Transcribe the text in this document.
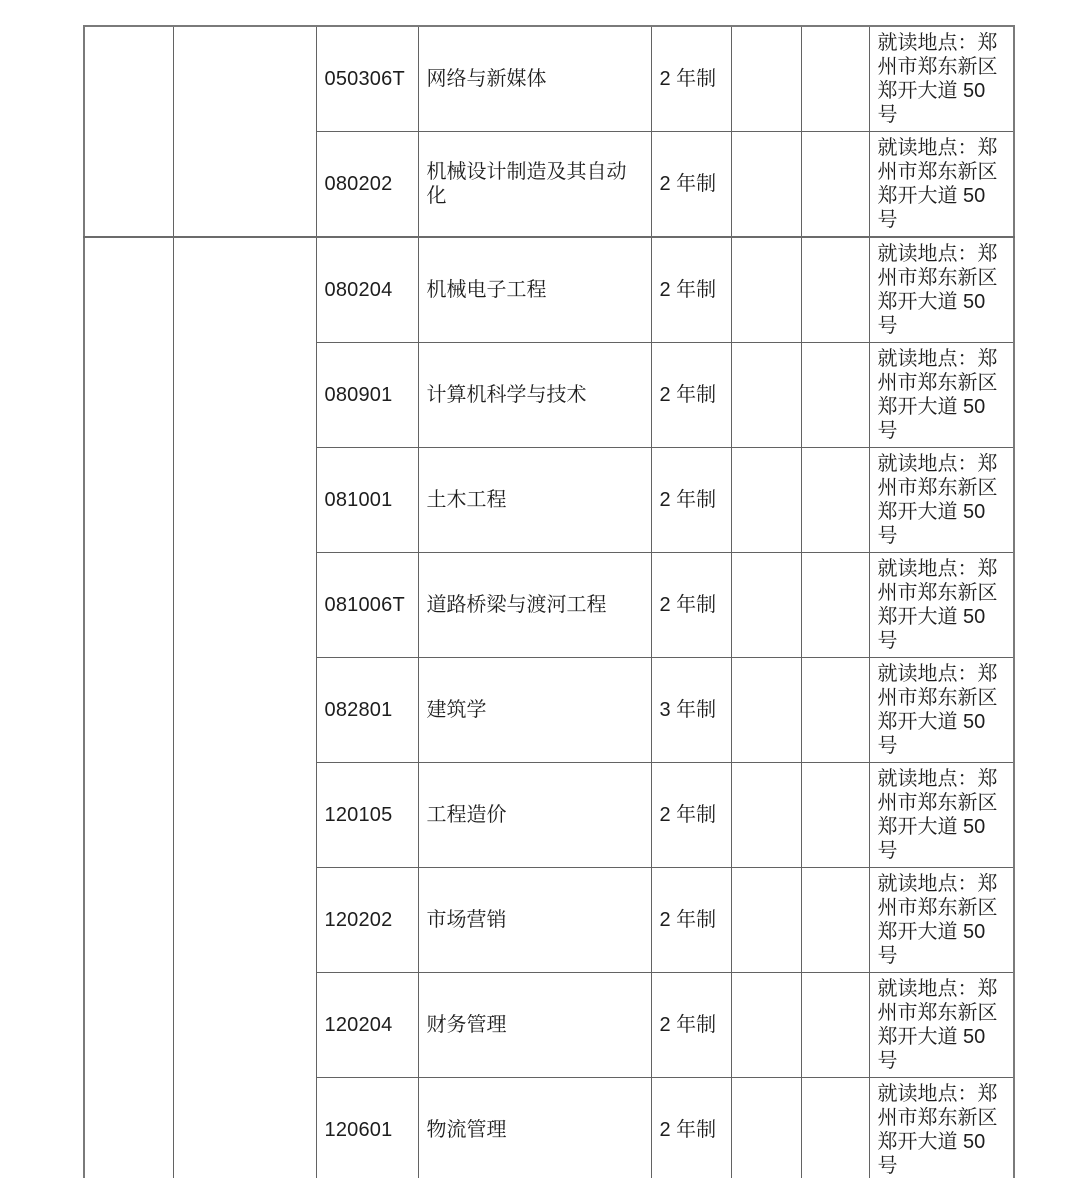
		050306T	网络与新媒体	2 年制			就读地点：郑州市郑东新区郑开大道 50 号
		080202	机械设计制造及其自动化	2 年制			就读地点：郑州市郑东新区郑开大道 50 号
		080204	机械电子工程	2 年制			就读地点：郑州市郑东新区郑开大道 50 号
		080901	计算机科学与技术	2 年制			就读地点：郑州市郑东新区郑开大道 50 号
		081001	土木工程	2 年制			就读地点：郑州市郑东新区郑开大道 50 号
		081006T	道路桥梁与渡河工程	2 年制			就读地点：郑州市郑东新区郑开大道 50 号
		082801	建筑学	3 年制			就读地点：郑州市郑东新区郑开大道 50 号
		120105	工程造价	2 年制			就读地点：郑州市郑东新区郑开大道 50 号
		120202	市场营销	2 年制			就读地点：郑州市郑东新区郑开大道 50 号
		120204	财务管理	2 年制			就读地点：郑州市郑东新区郑开大道 50 号
		120601	物流管理	2 年制			就读地点：郑州市郑东新区郑开大道 50 号
